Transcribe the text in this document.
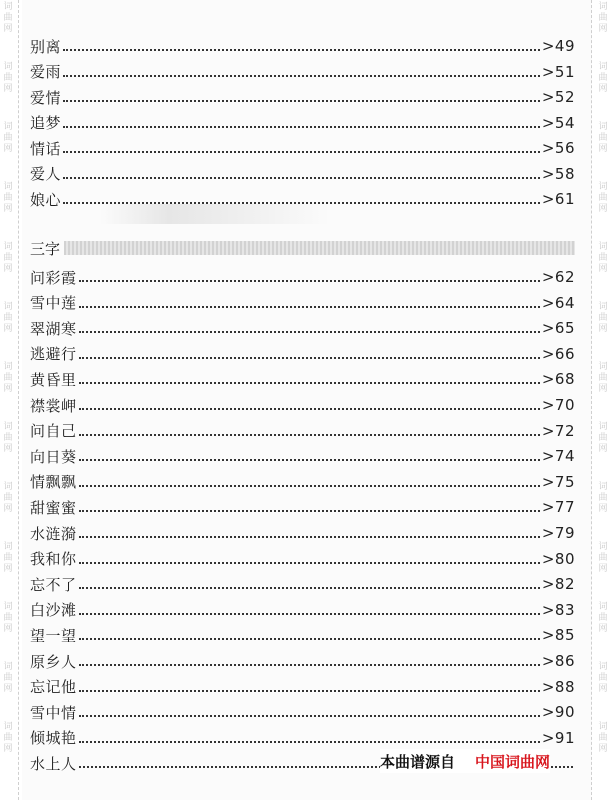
词
曲
网
词
曲
网
词
曲
网
词
曲
网
词
曲
网
词
曲
网
词
曲
网
词
曲
网
词
曲
网
词
曲
网
词
曲
网
词
曲
网
词
曲
网
词
曲
网
词
曲
网
词
曲
网
词
曲
网
词
曲
网
词
曲
网
词
曲
网
词
曲
网
词
曲
网
词
曲
网
词
曲
网
词
曲
网
词
曲
网
别离	>49
爱雨	>51
爱情	>52
追梦	>54
情话	>56
爱人	>58
娘心	>61
三字
问彩霞	>62
雪中莲	>64
翠湖寒	>65
逃避行	>66
黄昏里	>68
襟裳岬	>70
问自己	>72
向日葵	>74
情飘飘	>75
甜蜜蜜	>77
水涟漪	>79
我和你	>80
忘不了	>82
白沙滩	>83
望一望	>85
原乡人	>86
忘记他	>88
雪中情	>90
倾城艳	>91
水上人	本曲谱源自 中国词曲网
